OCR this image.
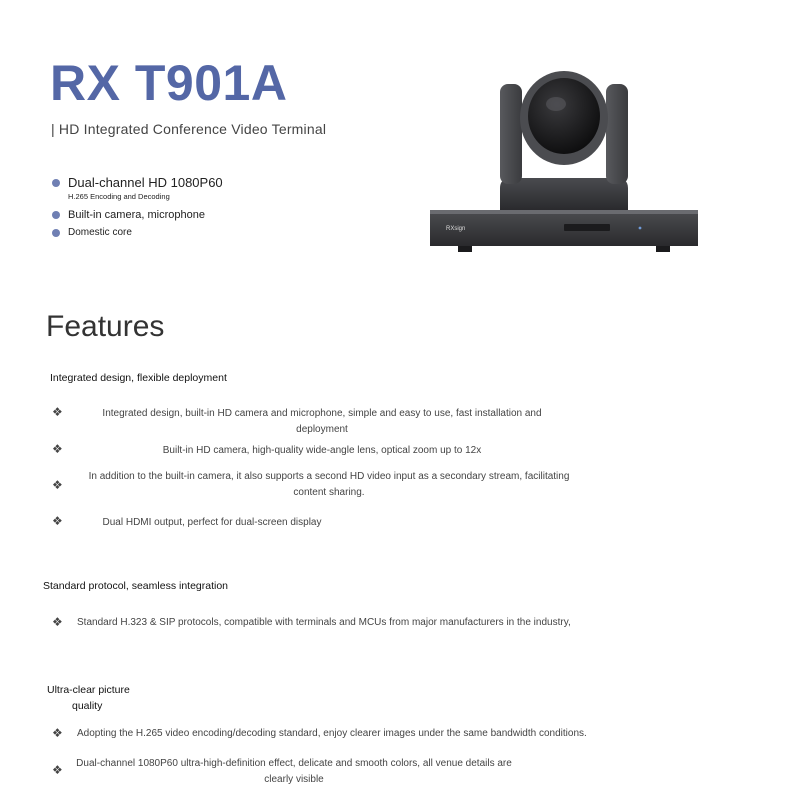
RX T901A
| HD Integrated Conference Video Terminal
Dual-channel HD 1080P60
H.265 Encoding and Decoding
Built-in camera, microphone
Domestic core	RXsign
Features
Integrated design, flexible deployment
❖	Integrated design, built-in HD camera and microphone, simple and easy to use, fast installation and deployment
❖	Built-in HD camera, high-quality wide-angle lens, optical zoom up to 12x
❖
In addition to the built-in camera, it also supports a second HD video input as a secondary stream, facilitating content sharing.
❖	Dual HDMI output, perfect for dual-screen display
Standard protocol, seamless integration
❖ Standard H.323 & SIP protocols, compatible with terminals and MCUs from major manufacturers in the industry,
Ultra-clear picture
quality
❖ Adopting the H.265 video encoding/decoding standard, enjoy clearer images under the same bandwidth conditions.
❖ Dual-channel 1080P60 ultra-high-definition effect, delicate and smooth colors, all venue details are clearly visible
